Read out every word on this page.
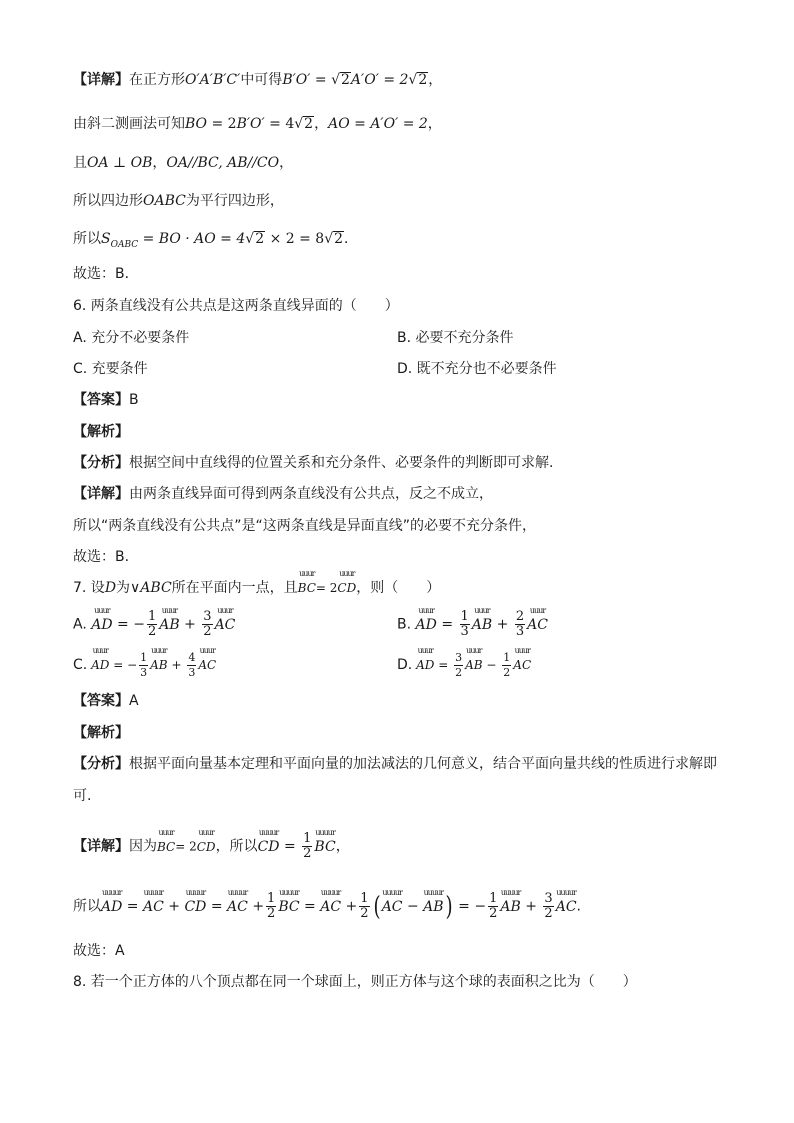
【详解】在正方形O′A′B′C′中可得B′O′ = √2A′O′ = 2√2，
由斜二测画法可知BO = 2B′O′ = 4√2，AO = A′O′ = 2，
且OA ⊥ OB，OA//BC, AB//CO，
所以四边形OABC为平行四边形，
所以$S_{OABC}$ = BO · AO = 4√2 × 2 = 8√2．
故选：B．
6. 两条直线没有公共点是这两条直线异面的（　　）
A. 充分不必要条件	B. 必要不充分条件
C. 充要条件	D. 既不充分也不必要条件
【答案】B
【解析】
【分析】根据空间中直线得的位置关系和充分条件、必要条件的判断即可求解.
【详解】由两条直线异面可得到两条直线没有公共点，反之不成立，
所以“两条直线没有公共点”是“这两条直线是异面直线”的必要不充分条件，
故选：B.
7. 设D为∨ABC所在平面内一点，且
uuur
BC= 2
uuur
CD，则（　　）
A.
uuur
AD = − $\frac{1}{2}$ uuur
AB + $\frac{3}{2}$ uuur
AC	B.
uuur
AD = $\frac{1}{3}$ uuur
AB + $\frac{2}{3}$ uuur
AC
C.
uuur
AD = − $\frac{1}{3}$
uuur
AB + $\frac{4}{3}$
uuur
AC	D.
uuur
AD = $\frac{3}{2}$
uuur
AB − $\frac{1}{2}$
uuur
AC
【答案】A
【解析】
【分析】根据平面向量基本定理和平面向量的加法减法的几何意义，结合平面向量共线的性质进行求解即
可.
【详解】因为
uuur
BC= 2
uuur
CD，所以
uuuur
CD = $\frac{1}{2}$ uuuur
BC，
所以
uuuur
AD =
uuuur
AC +
uuuur
CD =
uuuur
AC + $\frac{1}{2}$ uuuur
BC =
uuuur
AC + $\frac{1}{2}$ ( uuuur
AC −
uuuur
AB) = − $\frac{1}{2}$ uuuur
AB + $\frac{3}{2}$ uuuur
AC.
故选：A
8. 若一个正方体的八个顶点都在同一个球面上，则正方体与这个球的表面积之比为（　　）
